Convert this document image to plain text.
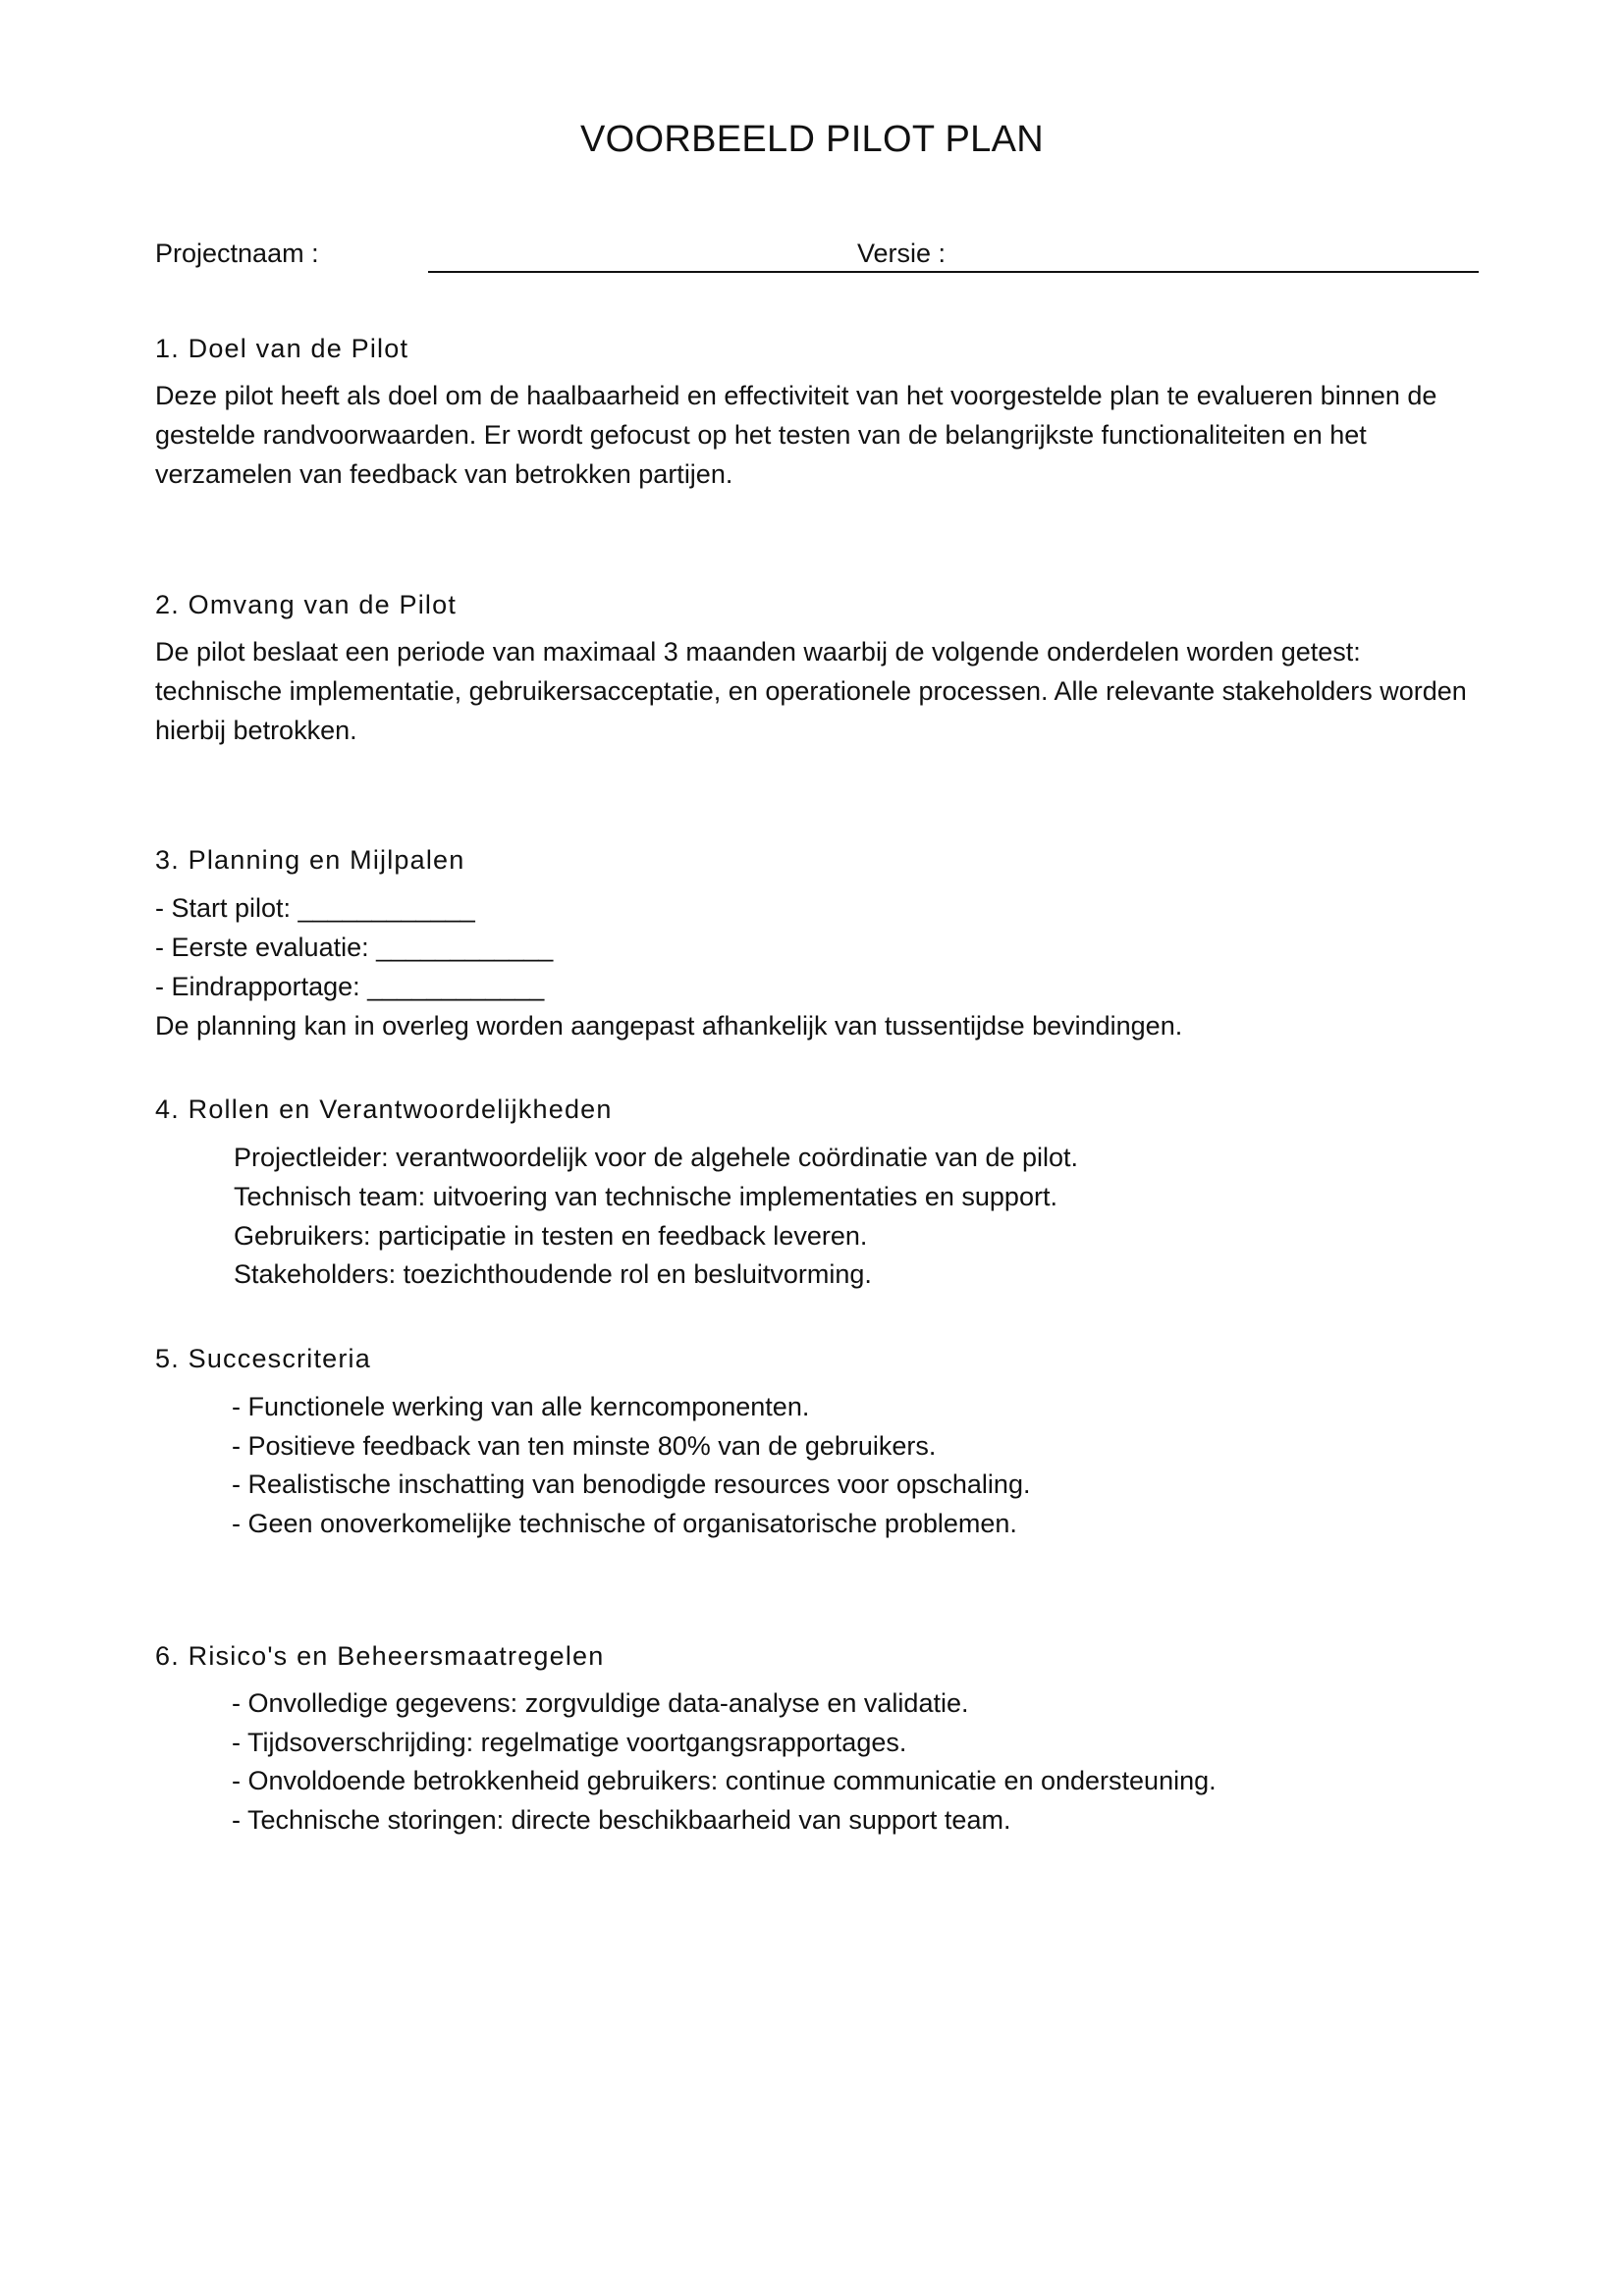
VOORBEELD PILOT PLAN
Projectnaam :	Versie :
1. Doel van de Pilot
Deze pilot heeft als doel om de haalbaarheid en effectiviteit van het voorgestelde plan te evalueren binnen de gestelde randvoorwaarden. Er wordt gefocust op het testen van de belangrijkste functionaliteiten en het verzamelen van feedback van betrokken partijen.
2. Omvang van de Pilot
De pilot beslaat een periode van maximaal 3 maanden waarbij de volgende onderdelen worden getest: technische implementatie, gebruikersacceptatie, en operationele processen. Alle relevante stakeholders worden hierbij betrokken.
3. Planning en Mijlpalen
- Start pilot: ____________
- Eerste evaluatie: ____________
- Eindrapportage: ____________
De planning kan in overleg worden aangepast afhankelijk van tussentijdse bevindingen.
4. Rollen en Verantwoordelijkheden
Projectleider: verantwoordelijk voor de algehele coördinatie van de pilot.
Technisch team: uitvoering van technische implementaties en support.
Gebruikers: participatie in testen en feedback leveren.
Stakeholders: toezichthoudende rol en besluitvorming.
5. Succescriteria
- Functionele werking van alle kerncomponenten.
- Positieve feedback van ten minste 80% van de gebruikers.
- Realistische inschatting van benodigde resources voor opschaling.
- Geen onoverkomelijke technische of organisatorische problemen.
6. Risico's en Beheersmaatregelen
- Onvolledige gegevens: zorgvuldige data-analyse en validatie.
- Tijdsoverschrijding: regelmatige voortgangsrapportages.
- Onvoldoende betrokkenheid gebruikers: continue communicatie en ondersteuning.
- Technische storingen: directe beschikbaarheid van support team.
